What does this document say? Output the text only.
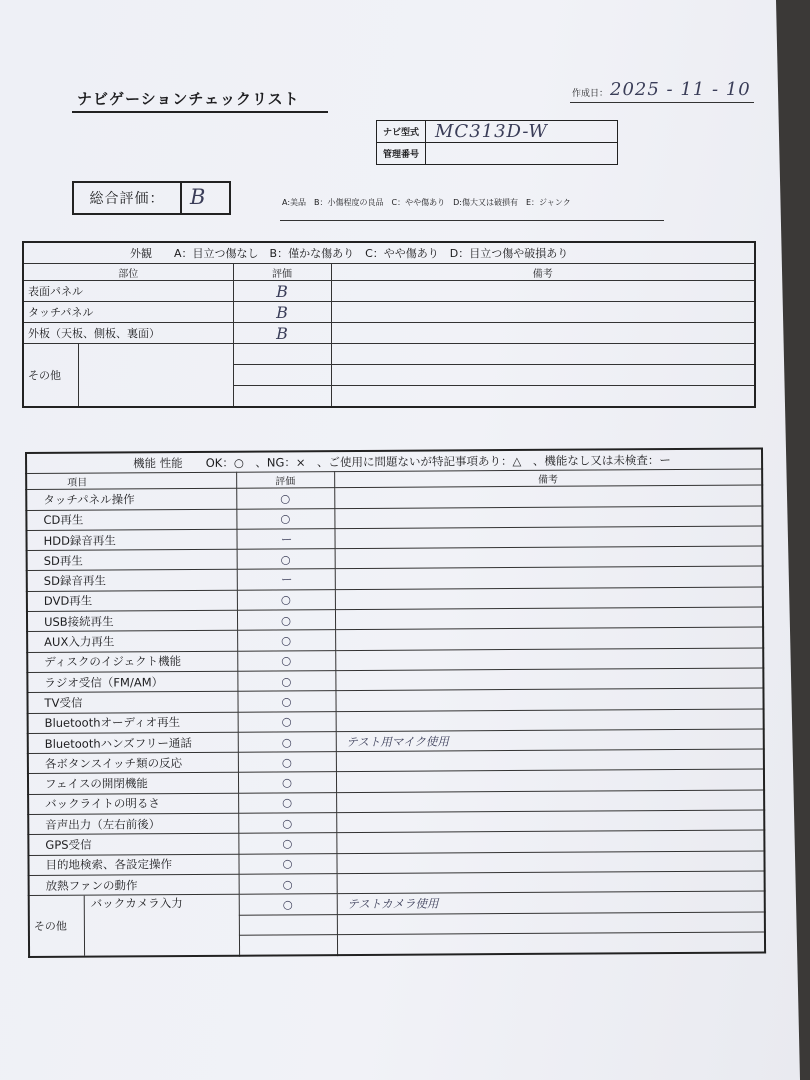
ナビゲーションチェックリスト	作成日： 2025 - 11 - 10
ナビ型式 MC313D-W
管理番号
総合評価：	B	A:美品　B：小傷程度の良品　C：やや傷あり　D:傷大又は破損有　E：ジャンク
外観　　A：目立つ傷なし　B：僅かな傷あり　C：やや傷あり　D：目立つ傷や破損あり		
部位	評価	備考
表面パネル	B	
タッチパネル	B	
外板（天板、側板、裏面）	B	

その他		

機能 性能　　OK：○　、NG：×　、ご使用に問題ないが特記事項あり：△　、機能なし又は未検査：ー		
項目	評価	備考
タッチパネル操作	○	
CD再生	○	
HDD録音再生	ー	
SD再生	○	
SD録音再生	ー	
DVD再生	○	
USB接続再生	○	
AUX入力再生	○	
ディスクのイジェクト機能	○	
ラジオ受信（FM/AM）	○	
TV受信	○	
Bluetoothオーディオ再生	○	
Bluetoothハンズフリー通話	○	テスト用マイク使用
各ボタンスイッチ類の反応	○	
フェイスの開閉機能	○	
バックライトの明るさ	○	
音声出力（左右前後）	○	
GPS受信	○	
目的地検索、各設定操作	○	
放熱ファンの動作	○	

その他
バックカメラ入力	○	テストカメラ使用
